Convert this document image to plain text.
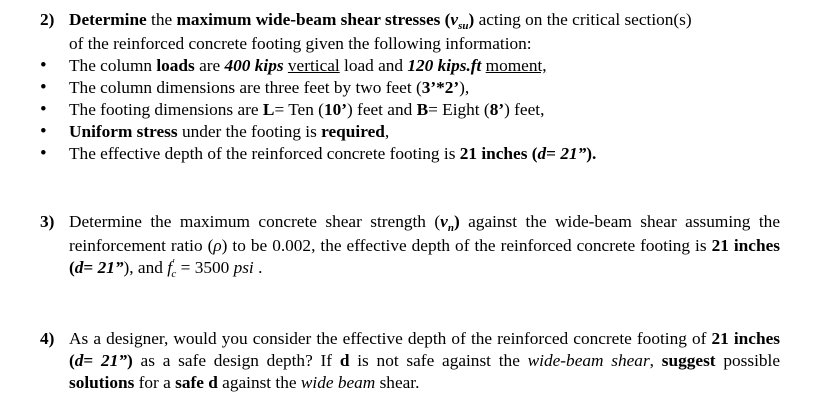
2) Determine the maximum wide-beam shear stresses $(v_{su})$ acting on the critical section(s)
of the reinforced concrete footing given the following information:
• The column loads are 400 kips vertical load and 120 kips.ft moment,
• The column dimensions are three feet by two feet (3’*2’),
• The footing dimensions are L= Ten (10’) feet and B= Eight (8’) feet,
• Uniform stress under the footing is required,
• The effective depth of the reinforced concrete footing is 21 inches (d= 21”).
3) Determine the maximum concrete shear strength $(v_n)$ against the wide-beam shear assuming the reinforcement ratio (ρ) to be 0.002, the effective depth of the reinforced concrete footing is 21 inches (d= 21”), and $f'_c = 3500$ psi .
4) As a designer, would you consider the effective depth of the reinforced concrete footing of 21 inches (d= 21”) as a safe design depth? If d is not safe against the wide-beam shear, suggest possible solutions for a safe d against the wide beam shear.
